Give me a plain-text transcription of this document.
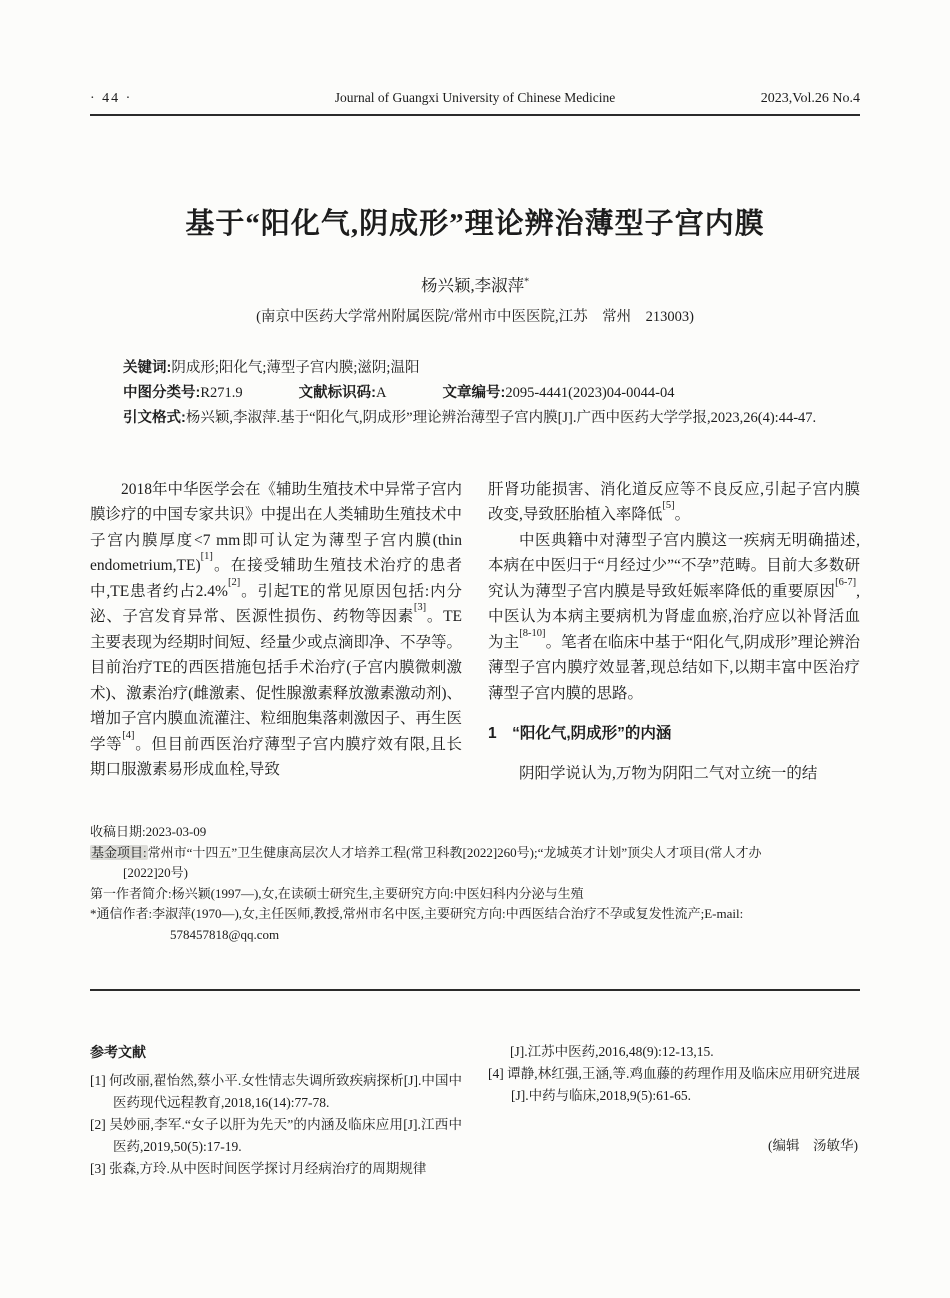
· 44 ·	Journal of Guangxi University of Chinese Medicine	2023,Vol.26 No.4
基于“阳化气,阴成形”理论辨治薄型子宫内膜
杨兴颖,李淑萍*
(南京中医药大学常州附属医院/常州市中医医院,江苏　常州　213003)

关键词:阴成形;阳化气;薄型子宫内膜;滋阴;温阳

中图分类号:R271.9	文献标识码:A	文章编号:2095-4441(2023)04-0044-04

引文格式:杨兴颖,李淑萍.基于“阳化气,阴成形”理论辨治薄型子宫内膜[J].广西中医药大学学报,2023,26(4):44-47.

2018年中华医学会在《辅助生殖技术中异常子宫内膜诊疗的中国专家共识》中提出在人类辅助生殖技术中子宫内膜厚度<7 mm即可认定为薄型子宫内膜(thin endometrium,TE)[1]。在接受辅助生殖技术治疗的患者中,TE患者约占2.4%[2]。引起TE的常见原因包括:内分泌、子宫发育异常、医源性损伤、药物等因素[3]。TE主要表现为经期时间短、经量少或点滴即净、不孕等。目前治疗TE的西医措施包括手术治疗(子宫内膜微刺激术)、激素治疗(雌激素、促性腺激素释放激素激动剂)、增加子宫内膜血流灌注、粒细胞集落刺激因子、再生医学等[4]。但目前西医治疗薄型子宫内膜疗效有限,且长期口服激素易形成血栓,导致

肝肾功能损害、消化道反应等不良反应,引起子宫内膜改变,导致胚胎植入率降低[5]。

中医典籍中对薄型子宫内膜这一疾病无明确描述,本病在中医归于“月经过少”“不孕”范畴。目前大多数研究认为薄型子宫内膜是导致妊娠率降低的重要原因[6-7],中医认为本病主要病机为肾虚血瘀,治疗应以补肾活血为主[8-10]。笔者在临床中基于“阳化气,阴成形”理论辨治薄型子宫内膜疗效显著,现总结如下,以期丰富中医治疗薄型子宫内膜的思路。

1　“阳化气,阴成形”的内涵

阴阳学说认为,万物为阴阳二气对立统一的结

收稿日期:2023-03-09
基金项目:常州市“十四五”卫生健康高层次人才培养工程(常卫科教[2022]260号);“龙城英才计划”顶尖人才项目(常人才办
[2022]20号)
第一作者简介:杨兴颖(1997—),女,在读硕士研究生,主要研究方向:中医妇科内分泌与生殖
*通信作者:李淑萍(1970—),女,主任医师,教授,常州市名中医,主要研究方向:中西医结合治疗不孕或复发性流产;E-mail:
578457818@qq.com
参考文献

[1] 何改丽,翟怡然,蔡小平.女性情志失调所致疾病探析[J].中国中医药现代远程教育,2018,16(14):77-78.

[2] 吴妙丽,李军.“女子以肝为先天”的内涵及临床应用[J].江西中医药,2019,50(5):17-19.

[3] 张森,方玲.从中医时间医学探讨月经病治疗的周期规律

[J].江苏中医药,2016,48(9):12-13,15.

[4] 谭静,林红强,王涵,等.鸡血藤的药理作用及临床应用研究进展[J].中药与临床,2018,9(5):61-65.

(编辑　汤敏华)
